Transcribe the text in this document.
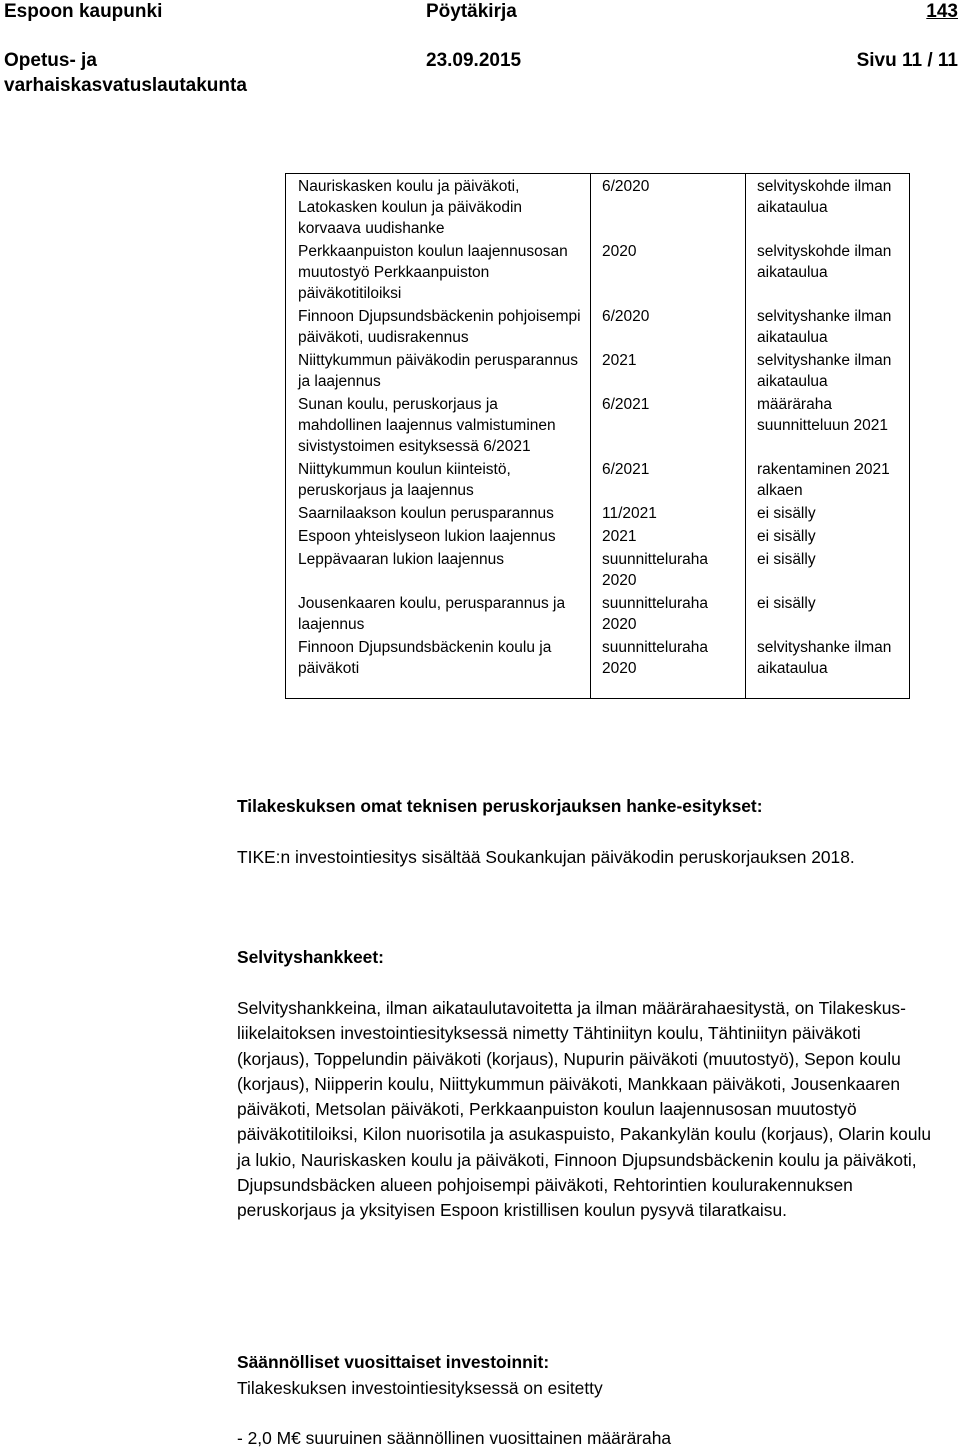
Espoon kaupunki	Pöytäkirja	143
Opetus- ja
varhaiskasvatuslautakunta
23.09.2015	Sivu 11 / 11
Nauriskasken koulu ja päiväkoti, Latokasken koulun ja päiväkodin korvaava uudishanke	6/2020	selvityskohde ilman aikataulua
Perkkaanpuiston koulun laajennusosan muutostyö Perkkaanpuiston päiväkotitiloiksi	2020	selvityskohde ilman aikataulua
Finnoon Djupsundsbäckenin pohjoisempi päiväkoti, uudisrakennus	6/2020	selvityshanke ilman aikataulua
Niittykummun päiväkodin perusparannus ja laajennus	2021	selvityshanke ilman aikataulua
Sunan koulu, peruskorjaus ja mahdollinen laajennus valmistuminen sivistystoimen esityksessä 6/2021	6/2021	määräraha suunnitteluun 2021
Niittykummun koulun kiinteistö, peruskorjaus ja laajennus	6/2021	rakentaminen 2021 alkaen
Saarnilaakson koulun perusparannus	11/2021	ei sisälly
Espoon yhteislyseon lukion laajennus	2021	ei sisälly
Leppävaaran lukion laajennus	suunnitteluraha 2020	ei sisälly
Jousenkaaren koulu, perusparannus ja laajennus	suunnitteluraha 2020	ei sisälly
Finnoon Djupsundsbäckenin koulu ja päiväkoti	suunnitteluraha 2020	selvityshanke ilman aikataulua
Tilakeskuksen omat teknisen peruskorjauksen hanke-esitykset:
TIKE:n investointiesitys sisältää Soukankujan päiväkodin peruskorjauksen 2018.
Selvityshankkeet:
Selvityshankkeina, ilman aikataulutavoitetta ja ilman määrärahaesitystä, on Tilakeskus-liikelaitoksen investointiesityksessä nimetty Tähtiniityn koulu, Tähtiniityn päiväkoti (korjaus), Toppelundin päiväkoti (korjaus), Nupurin päiväkoti (muutostyö), Sepon koulu (korjaus), Niipperin koulu, Niittykummun päiväkoti, Mankkaan päiväkoti, Jousenkaaren päiväkoti, Metsolan päiväkoti, Perkkaanpuiston koulun laajennusosan muutostyö päiväkotitiloiksi, Kilon nuorisotila ja asukaspuisto, Pakankylän koulu (korjaus), Olarin koulu ja lukio, Nauriskasken koulu ja päiväkoti, Finnoon Djupsundsbäckenin koulu ja päiväkoti, Djupsundsbäcken alueen pohjoisempi päiväkoti, Rehtorintien koulurakennuksen peruskorjaus ja yksityisen Espoon kristillisen koulun pysyvä tilaratkaisu.
Säännölliset vuosittaiset investoinnit:
Tilakeskuksen investointiesityksessä on esitetty
- 2,0 M€ suuruinen säännöllinen vuosittainen määräraha
